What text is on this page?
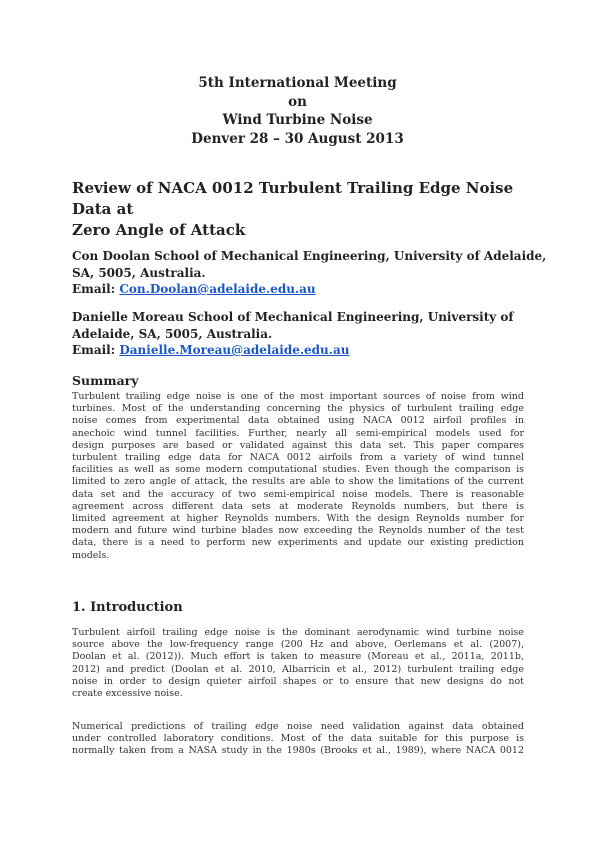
5th International Meeting
on
Wind Turbine Noise
Denver 28 – 30 August 2013
Review of NACA 0012 Turbulent Trailing Edge Noise Data at
Zero Angle of Attack
Con Doolan School of Mechanical Engineering, University of Adelaide,
SA, 5005, Australia.
Email: Con.Doolan@adelaide.edu.au
Danielle Moreau School of Mechanical Engineering, University of
Adelaide, SA, 5005, Australia.
Email: Danielle.Moreau@adelaide.edu.au
Summary
Turbulent trailing edge noise is one of the most important sources of noise from wind
turbines. Most of the understanding concerning the physics of turbulent trailing edge
noise comes from experimental data obtained using NACA 0012 airfoil profiles in
anechoic wind tunnel facilities. Further, nearly all semi-empirical models used for
design purposes are based or validated against this data set. This paper compares
turbulent trailing edge data for NACA 0012 airfoils from a variety of wind tunnel
facilities as well as some modern computational studies. Even though the comparison is
limited to zero angle of attack, the results are able to show the limitations of the current
data set and the accuracy of two semi-empirical noise models. There is reasonable
agreement across different data sets at moderate Reynolds numbers, but there is
limited agreement at higher Reynolds numbers. With the design Reynolds number for
modern and future wind turbine blades now exceeding the Reynolds number of the test
data, there is a need to perform new experiments and update our existing prediction
models.
1. Introduction
Turbulent airfoil trailing edge noise is the dominant aerodynamic wind turbine noise
source above the low-frequency range (200 Hz and above, Oerlemans et al. (2007),
Doolan et al. (2012)). Much effort is taken to measure (Moreau et al., 2011a, 2011b,
2012) and predict (Doolan et al. 2010, Albarricin et al., 2012) turbulent trailing edge
noise in order to design quieter airfoil shapes or to ensure that new designs do not
create excessive noise.
Numerical predictions of trailing edge noise need validation against data obtained
under controlled laboratory conditions. Most of the data suitable for this purpose is
normally taken from a NASA study in the 1980s (Brooks et al., 1989), where NACA 0012
